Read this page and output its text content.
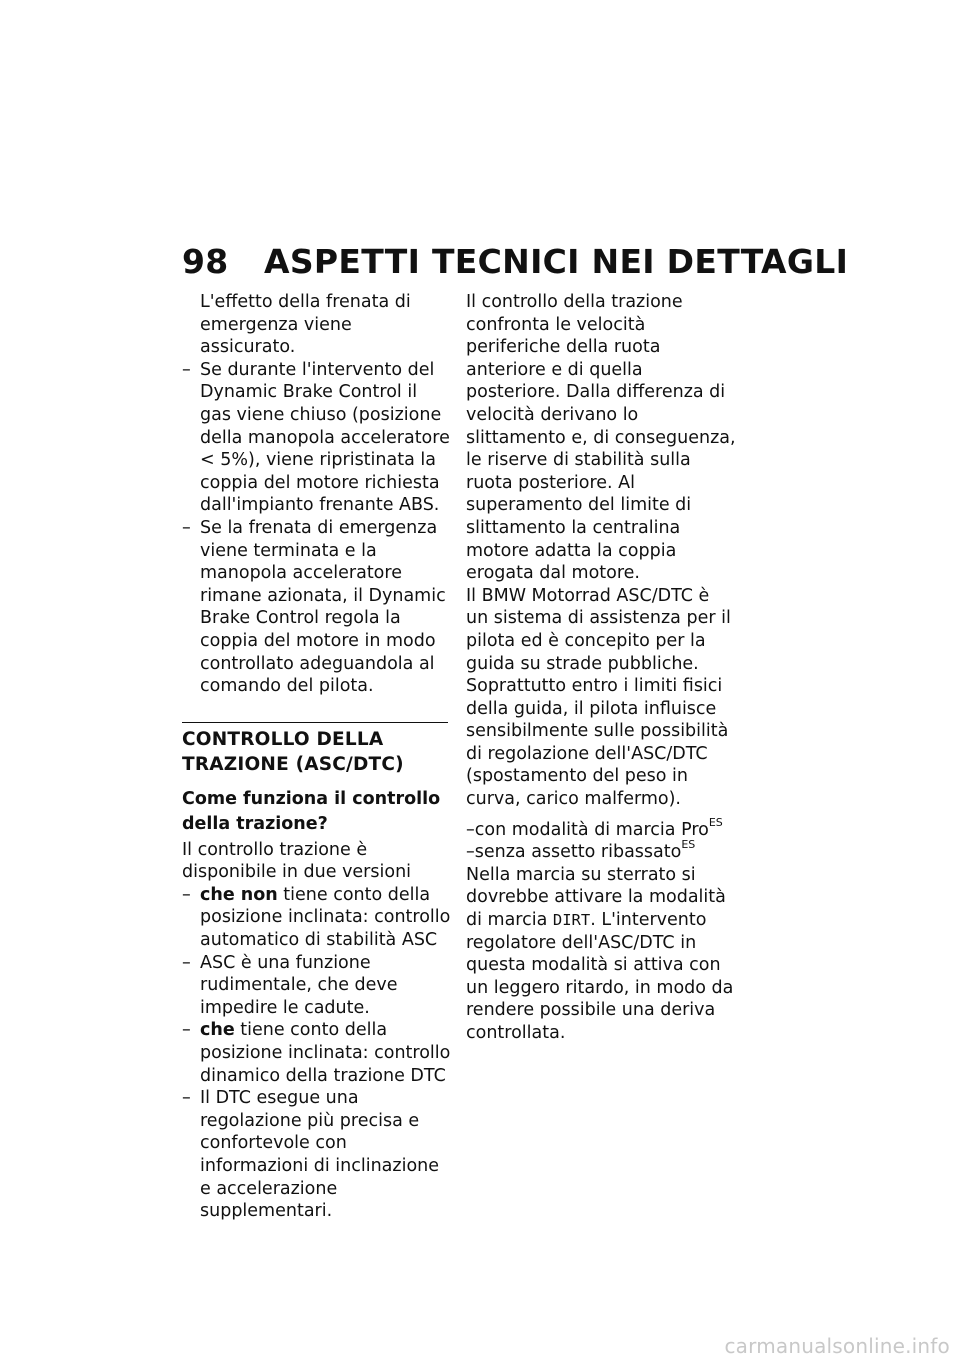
98 ASPETTI TECNICI NEI DETTAGLI

L'effetto della frenata di emergenza viene assicurato.

– Se durante l'intervento del Dynamic Brake Control il gas viene chiuso (posizione della manopola acceleratore < 5%), viene ripristinata la coppia del motore richiesta dall'impianto frenante ABS.

– Se la frenata di emergenza viene terminata e la manopola acceleratore rimane azionata, il Dynamic Brake Control regola la coppia del motore in modo controllato adeguandola al comando del pilota.

CONTROLLO DELLA TRAZIONE (ASC/DTC)
Come funziona il controllo della trazione?

Il controllo trazione è disponibile in due versioni

– che non tiene conto della posizione inclinata: controllo automatico di stabilità ASC

– ASC è una funzione rudimentale, che deve impedire le cadute.

– che tiene conto della posizione inclinata: controllo dinamico della trazione DTC

– Il DTC esegue una regolazione più precisa e confortevole con informazioni di inclinazione e accelerazione supplementari.

Il controllo della trazione confronta le velocità periferiche della ruota anteriore e di quella posteriore. Dalla differenza di velocità derivano lo slittamento e, di conseguenza, le riserve di stabilità sulla ruota posteriore. Al superamento del limite di slittamento la centralina motore adatta la coppia erogata dal motore.

Il BMW Motorrad ASC/DTC è un sistema di assistenza per il pilota ed è concepito per la guida su strade pubbliche. Soprattutto entro i limiti fisici della guida, il pilota influisce sensibilmente sulle possibilità di regolazione dell'ASC/DTC (spostamento del peso in curva, carico malfermo).

–con modalità di marcia Pro$^{ES}$

–senza assetto ribassato$^{ES}$

Nella marcia su sterrato si dovrebbe attivare la modalità di marcia DIRT. L'intervento regolatore dell'ASC/DTC in questa modalità si attiva con un leggero ritardo, in modo da rendere possibile una deriva controllata.

carmanualsonline.info
